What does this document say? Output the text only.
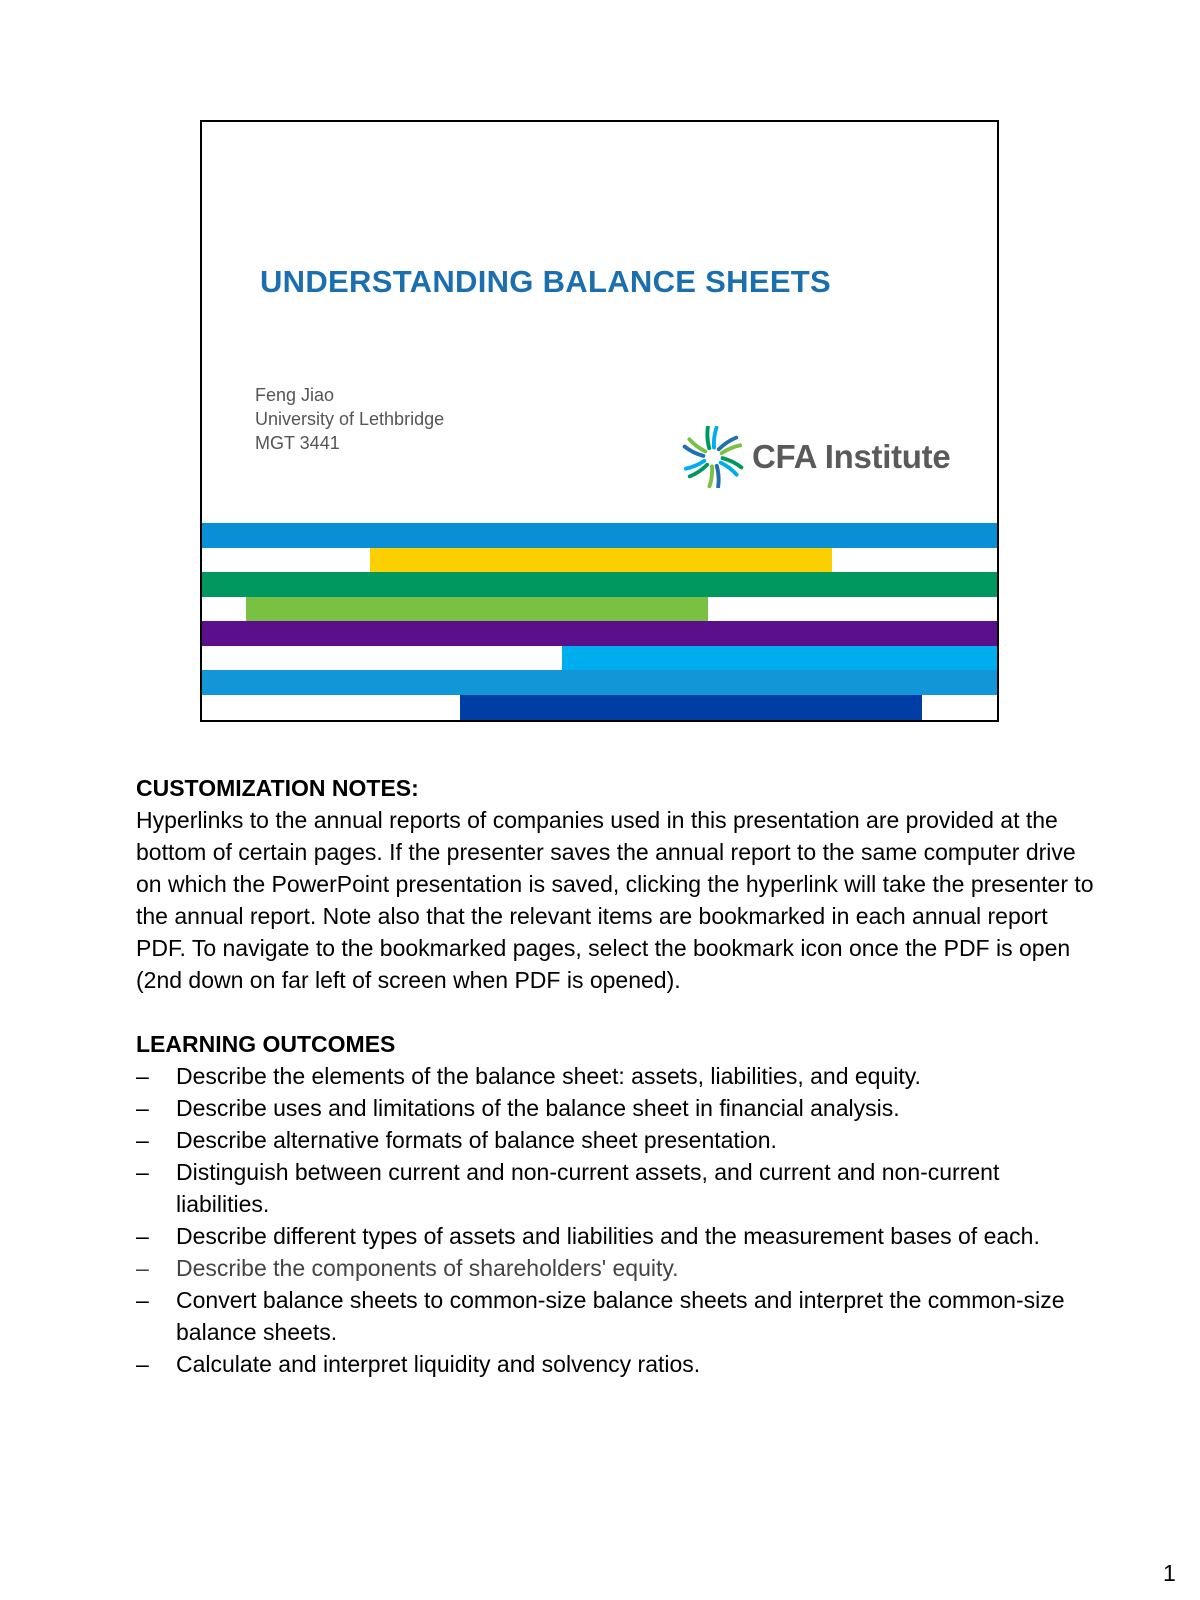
UNDERSTANDING BALANCE SHEETS
Feng Jiao
University of Lethbridge
MGT 3441	CFA Institute
CUSTOMIZATION NOTES:

Hyperlinks to the annual reports of companies used in this presentation are provided at the bottom of certain pages. If the presenter saves the annual report to the same computer drive on which the PowerPoint presentation is saved, clicking the hyperlink will take the presenter to the annual report. Note also that the relevant items are bookmarked in each annual report PDF. To navigate to the bookmarked pages, select the bookmark icon once the PDF is open (2nd down on far left of screen when PDF is opened).

LEARNING OUTCOMES
– Describe the elements of the balance sheet: assets, liabilities, and equity.
– Describe uses and limitations of the balance sheet in financial analysis.
– Describe alternative formats of balance sheet presentation.
– Distinguish between current and non-current assets, and current and non-current liabilities.
– Describe different types of assets and liabilities and the measurement bases of each.
– Describe the components of shareholders' equity.
– Convert balance sheets to common-size balance sheets and interpret the common-size balance sheets.
– Calculate and interpret liquidity and solvency ratios.
1
